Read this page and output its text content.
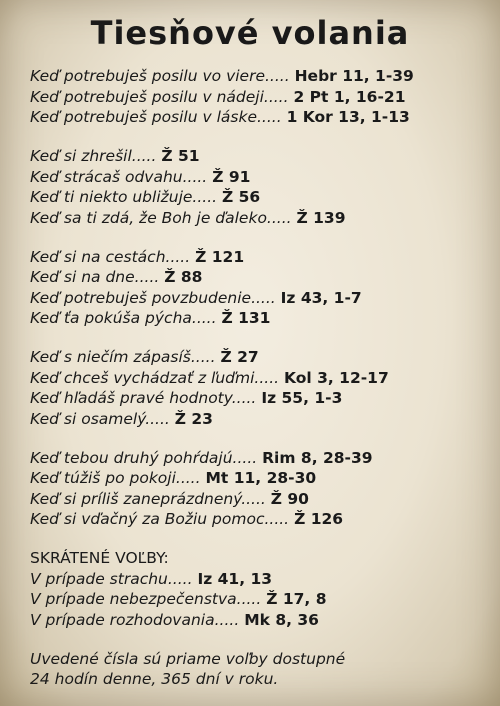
Tiesňové volania
Keď potrebuješ posilu vo viere..... Hebr 11, 1-39
Keď potrebuješ posilu v nádeji..... 2 Pt 1, 16-21
Keď potrebuješ posilu v láske..... 1 Kor 13, 1-13
Keď si zhrešil..... Ž 51
Keď strácaš odvahu..... Ž 91
Keď ti niekto ubližuje..... Ž 56
Keď sa ti zdá, že Boh je ďaleko..... Ž 139
Keď si na cestách..... Ž 121
Keď si na dne..... Ž 88
Keď potrebuješ povzbudenie..... Iz 43, 1-7
Keď ťa pokúša pýcha..... Ž 131
Keď s niečím zápasíš..... Ž 27
Keď chceš vychádzať z ľuďmi..... Kol 3, 12-17
Keď hľadáš pravé hodnoty..... Iz 55, 1-3
Keď si osamelý..... Ž 23
Keď tebou druhý pohŕdajú..... Rim 8, 28-39
Keď túžiš po pokoji..... Mt 11, 28-30
Keď si príliš zaneprázdnený..... Ž 90
Keď si vďačný za Božiu pomoc..... Ž 126
SKRÁTENÉ VOĽBY:
V prípade strachu..... Iz 41, 13
V prípade nebezpečenstva..... Ž 17, 8
V prípade rozhodovania..... Mk 8, 36
Uvedené čísla sú priame voľby dostupné
24 hodín denne, 365 dní v roku.
